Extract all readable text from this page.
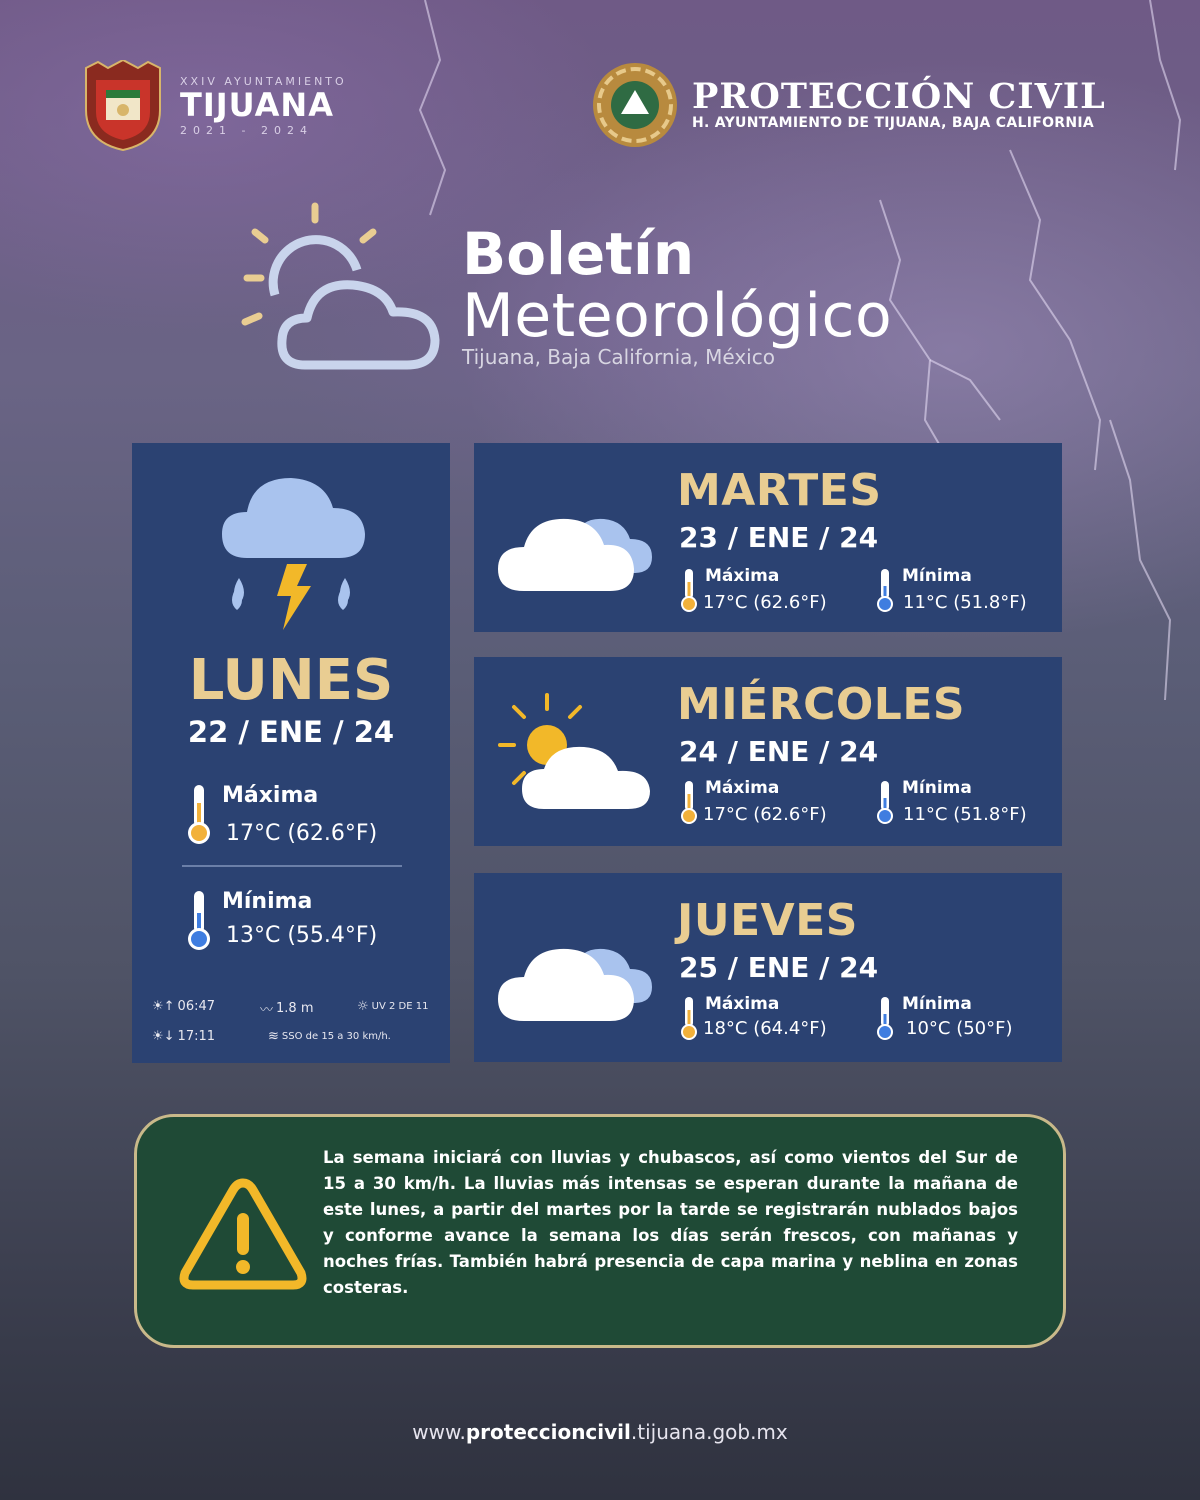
XXIV AYUNTAMIENTO
TIJUANA
2021 - 2024
PROTECCIÓN CIVIL
H. AYUNTAMIENTO DE TIJUANA, BAJA CALIFORNIA
Boletín
Meteorológico
Tijuana, Baja California, México
LUNES
22 / ENE / 24
Máxima
17°C (62.6°F)
Mínima
13°C (55.4°F)
☀↑ 06:47
☀↓ 17:11
〰 1.8 m	☼ UV 2 DE 11
≋ SSO de 15 a 30 km/h.
MARTES
23 / ENE / 24
Máxima
17°C (62.6°F)
Mínima
11°C (51.8°F)
MIÉRCOLES
24 / ENE / 24
Máxima
17°C (62.6°F)
Mínima
11°C (51.8°F)
JUEVES
25 / ENE / 24
Máxima
18°C (64.4°F)
Mínima
10°C (50°F)
La semana iniciará con lluvias y chubascos, así como vientos del Sur de 15 a 30 km/h. La lluvias más intensas se esperan durante la mañana de este lunes, a partir del martes por la tarde se registrarán nublados bajos y conforme avance la semana los días serán frescos, con mañanas y noches frías. También habrá presencia de capa marina y neblina en zonas costeras.
www.proteccioncivil.tijuana.gob.mx
